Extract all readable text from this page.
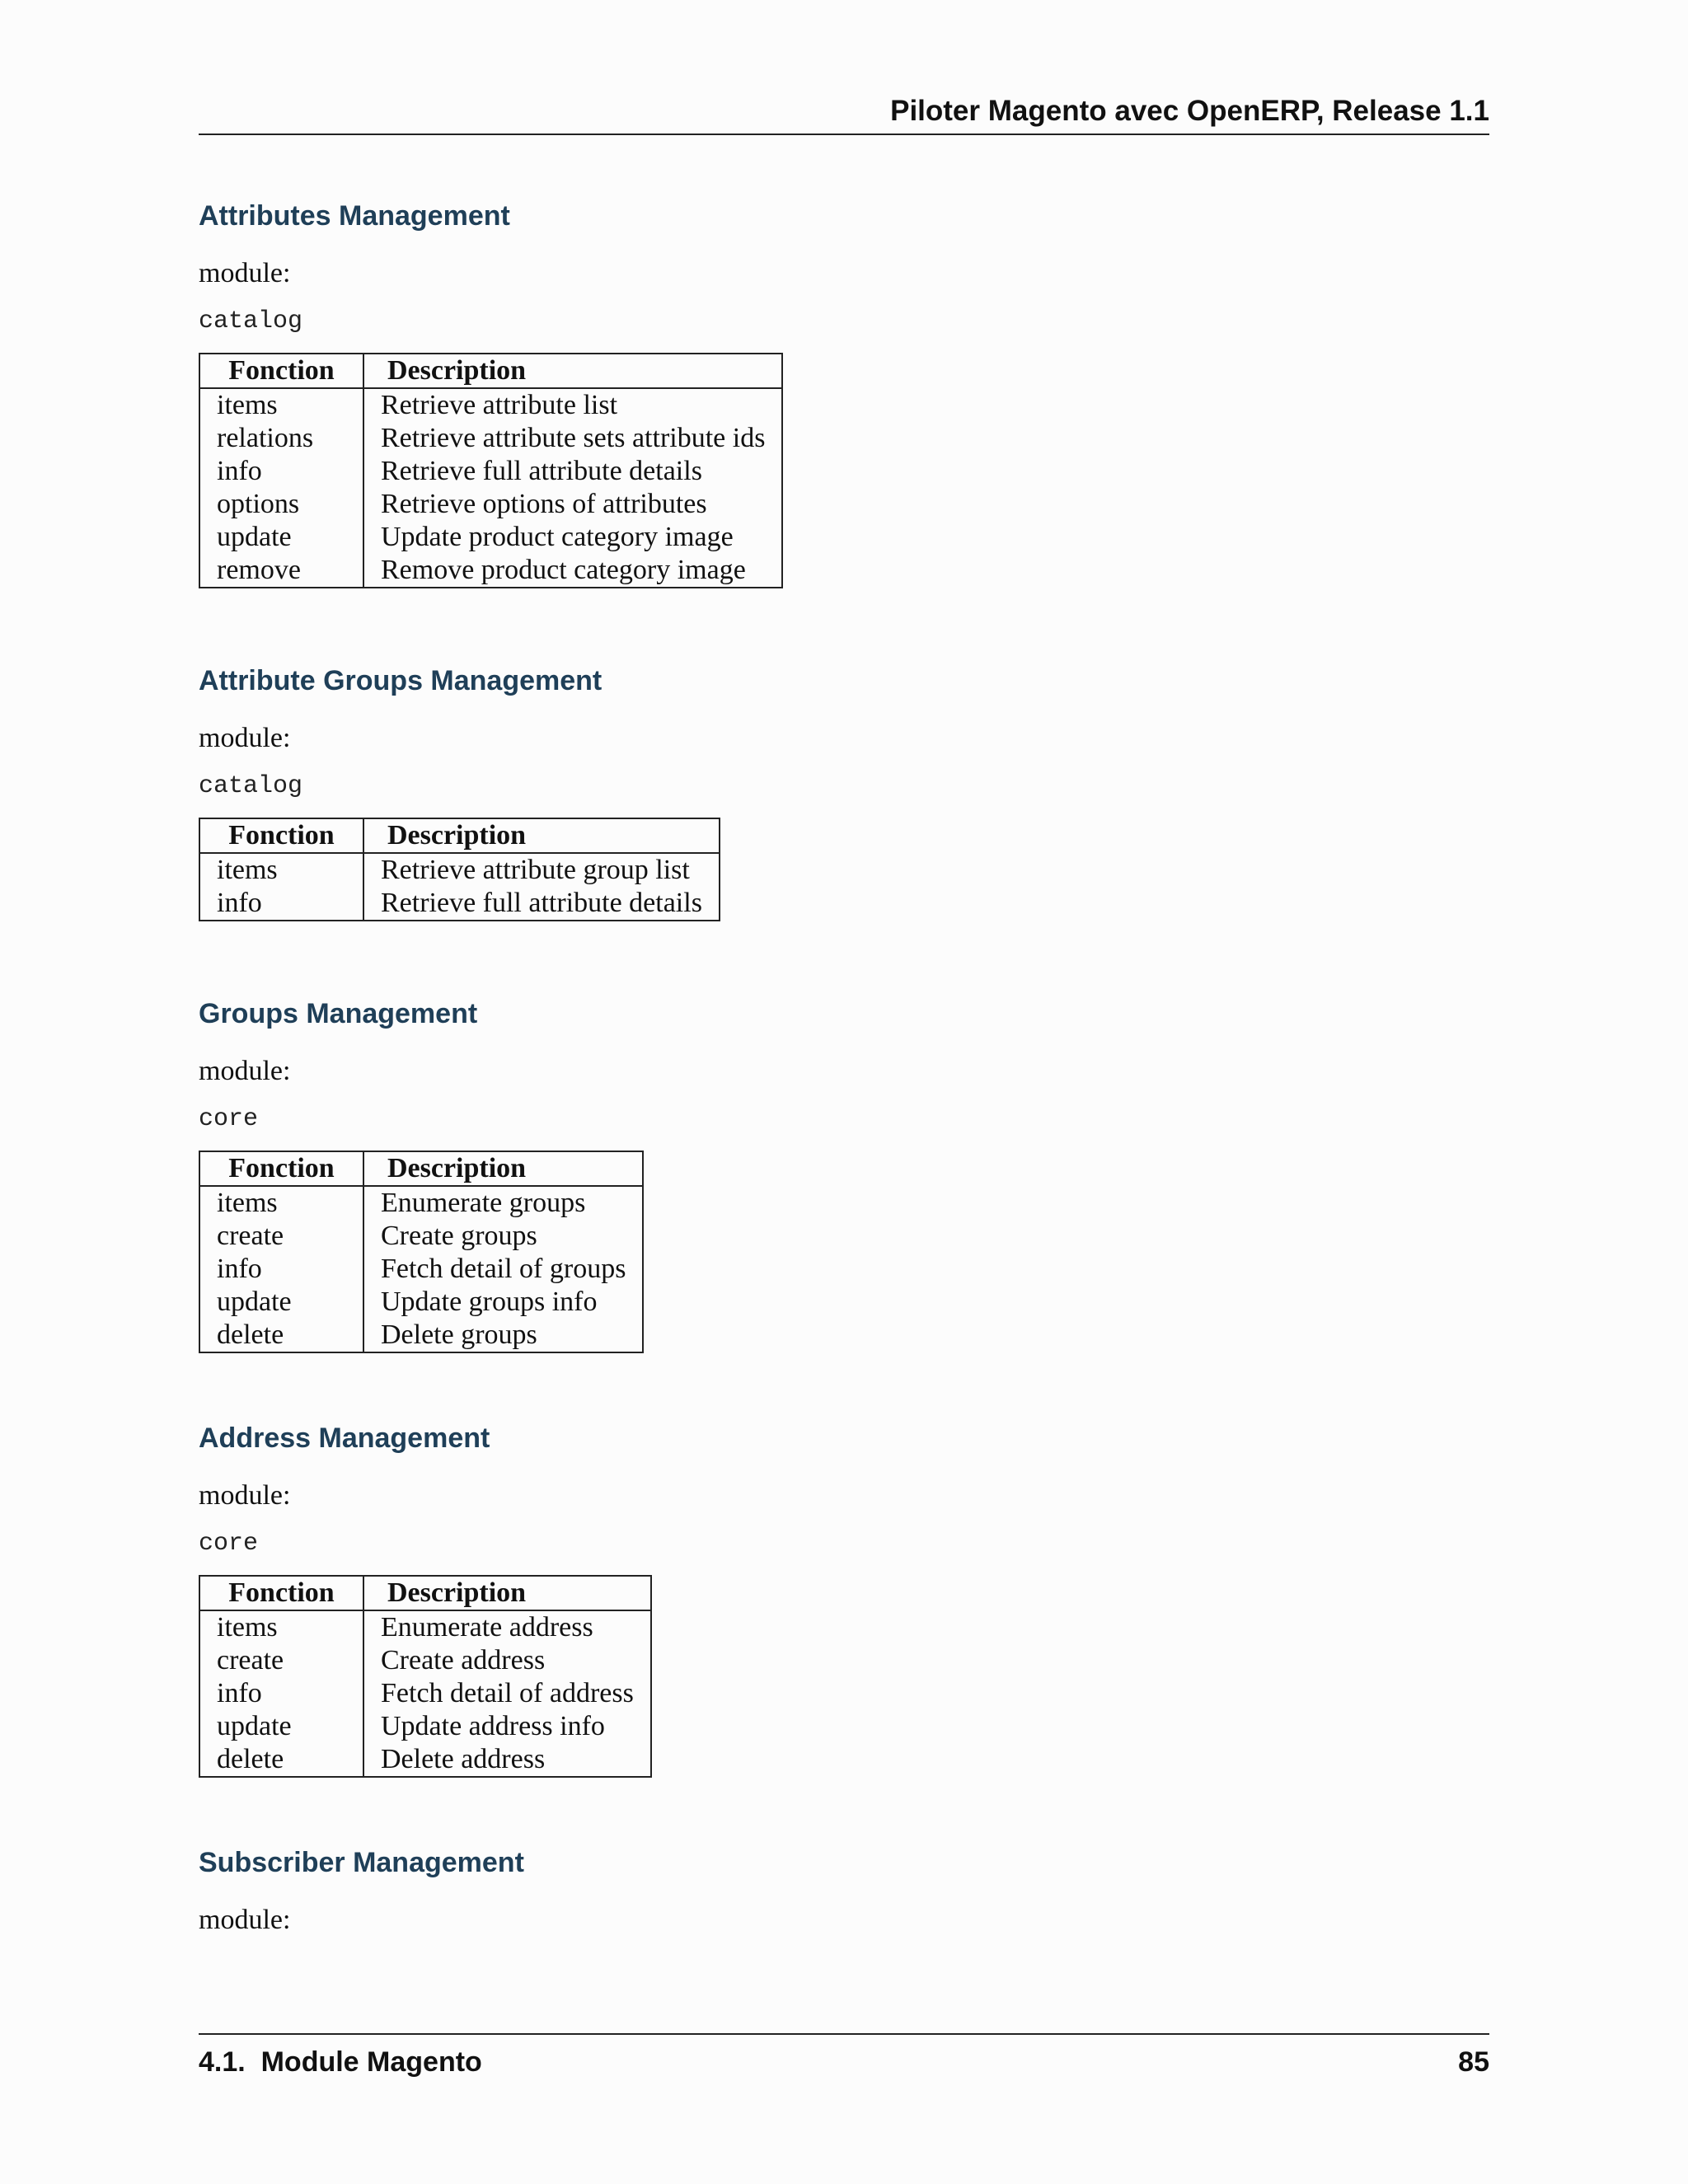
Piloter Magento avec OpenERP, Release 1.1
Attributes Management
module:
catalog
Fonction	Description
items	Retrieve attribute list
relations	Retrieve attribute sets attribute ids
info	Retrieve full attribute details
options	Retrieve options of attributes
update	Update product category image
remove	Remove product category image
Attribute Groups Management
module:
catalog
Fonction	Description
items	Retrieve attribute group list
info	Retrieve full attribute details
Groups Management
module:
core
Fonction	Description
items	Enumerate groups
create	Create groups
info	Fetch detail of groups
update	Update groups info
delete	Delete groups
Address Management
module:
core
Fonction	Description
items	Enumerate address
create	Create address
info	Fetch detail of address
update	Update address info
delete	Delete address
Subscriber Management
module:
4.1.  Module Magento	85
